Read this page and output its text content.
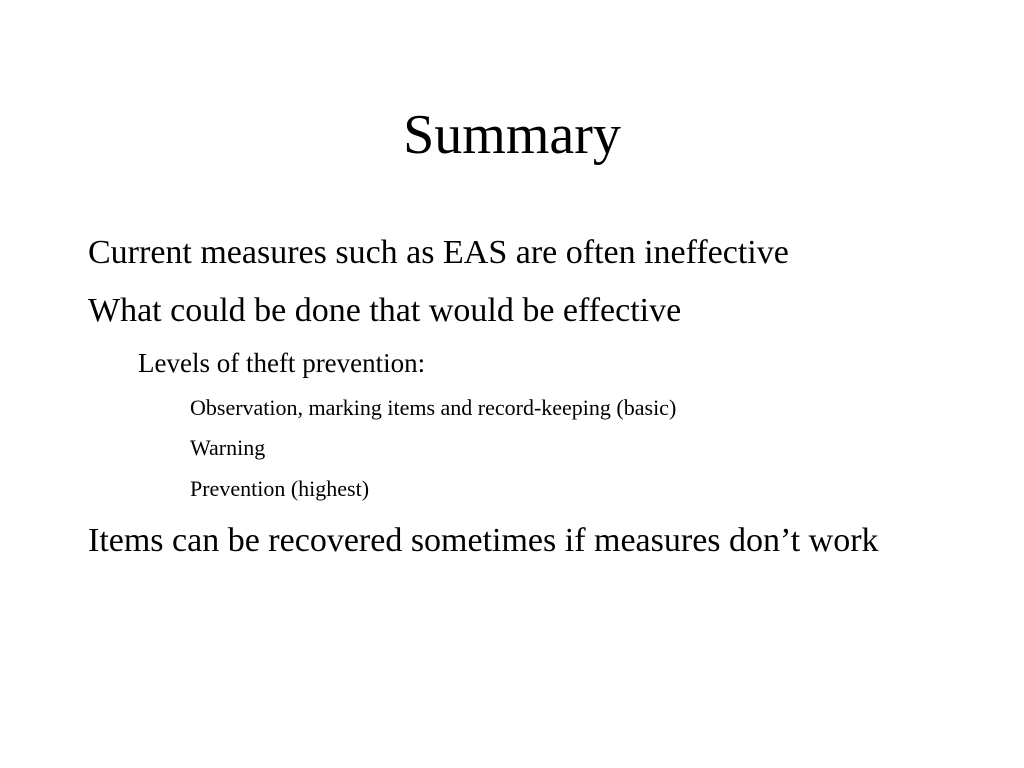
Summary

Current measures such as EAS are often ineffective

What could be done that would be effective

Levels of theft prevention:

Observation, marking items and record-keeping (basic)

Warning

Prevention (highest)

Items can be recovered sometimes if measures don’t work
